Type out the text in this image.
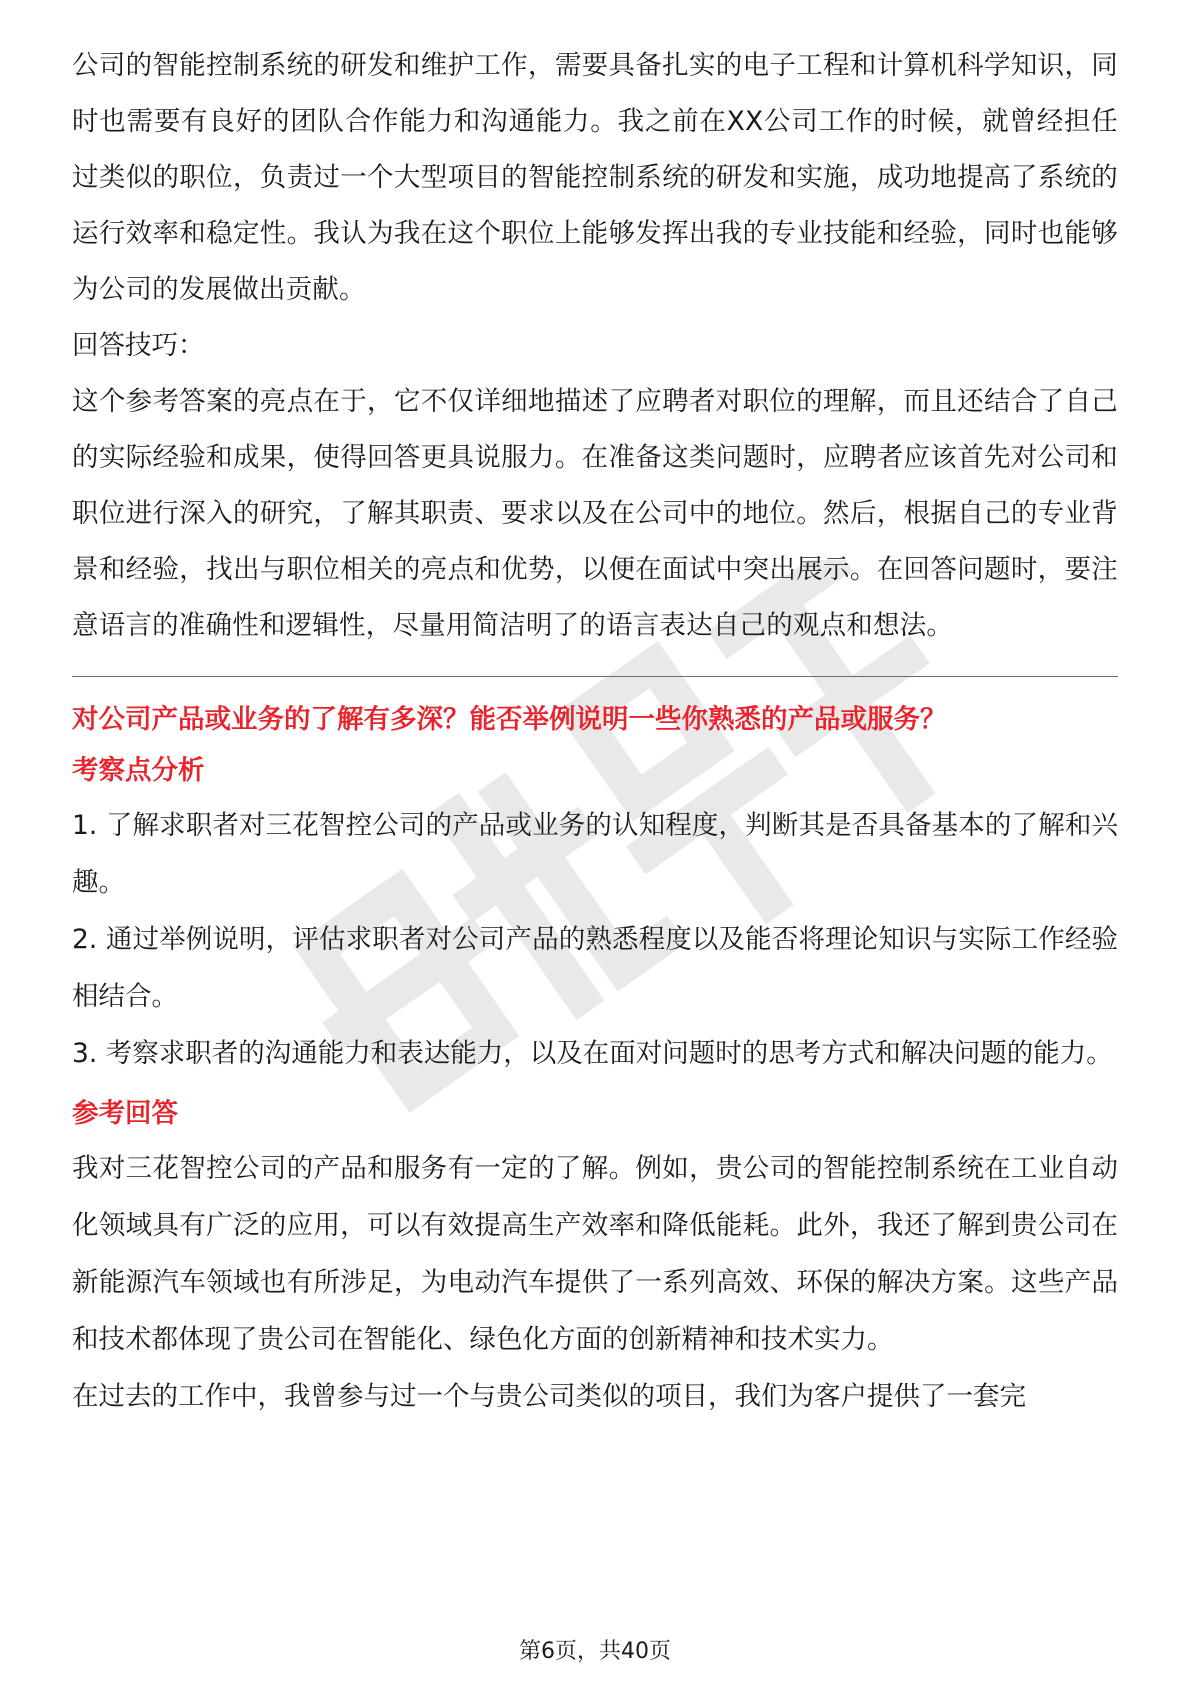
公司的智能控制系统的研发和维护工作，需要具备扎实的电子工程和计算机科学知识，同时也需要有良好的团队合作能力和沟通能力。我之前在XX公司工作的时候，就曾经担任过类似的职位，负责过一个大型项目的智能控制系统的研发和实施，成功地提高了系统的运行效率和稳定性。我认为我在这个职位上能够发挥出我的专业技能和经验，同时也能够为公司的发展做出贡献。

回答技巧：

这个参考答案的亮点在于，它不仅详细地描述了应聘者对职位的理解，而且还结合了自己的实际经验和成果，使得回答更具说服力。在准备这类问题时，应聘者应该首先对公司和职位进行深入的研究，了解其职责、要求以及在公司中的地位。然后，根据自己的专业背景和经验，找出与职位相关的亮点和优势，以便在面试中突出展示。在回答问题时，要注意语言的准确性和逻辑性，尽量用简洁明了的语言表达自己的观点和想法。

对公司产品或业务的了解有多深？能否举例说明一些你熟悉的产品或服务？

考察点分析

1. 了解求职者对三花智控公司的产品或业务的认知程度，判断其是否具备基本的了解和兴趣。

2. 通过举例说明，评估求职者对公司产品的熟悉程度以及能否将理论知识与实际工作经验相结合。

3. 考察求职者的沟通能力和表达能力，以及在面对问题时的思考方式和解决问题的能力。

参考回答

我对三花智控公司的产品和服务有一定的了解。例如，贵公司的智能控制系统在工业自动化领域具有广泛的应用，可以有效提高生产效率和降低能耗。此外，我还了解到贵公司在新能源汽车领域也有所涉足，为电动汽车提供了一系列高效、环保的解决方案。这些产品和技术都体现了贵公司在智能化、绿色化方面的创新精神和技术实力。

在过去的工作中，我曾参与过一个与贵公司类似的项目，我们为客户提供了一套完

第6页，共40页
